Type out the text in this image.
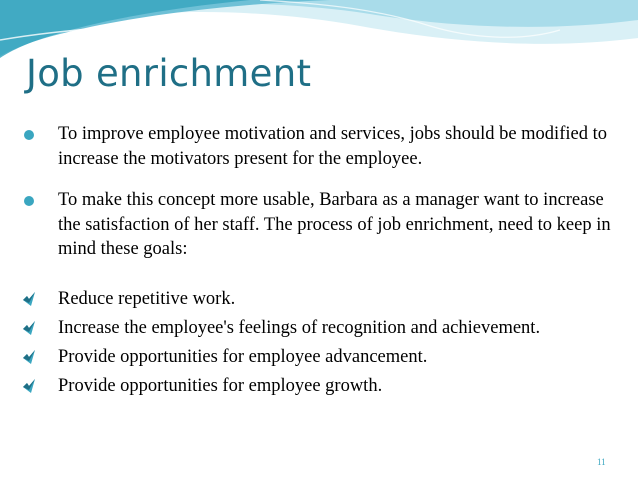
Job enrichment

To improve employee motivation and services, jobs should be modified to increase the motivators present for the employee.

To make this concept more usable, Barbara as a manager want to increase the satisfaction of her staff. The process of job enrichment, need to keep in mind these goals:

Reduce repetitive work.
Increase the employee's feelings of recognition and achievement.
Provide opportunities for employee advancement.
Provide opportunities for employee growth.
11
